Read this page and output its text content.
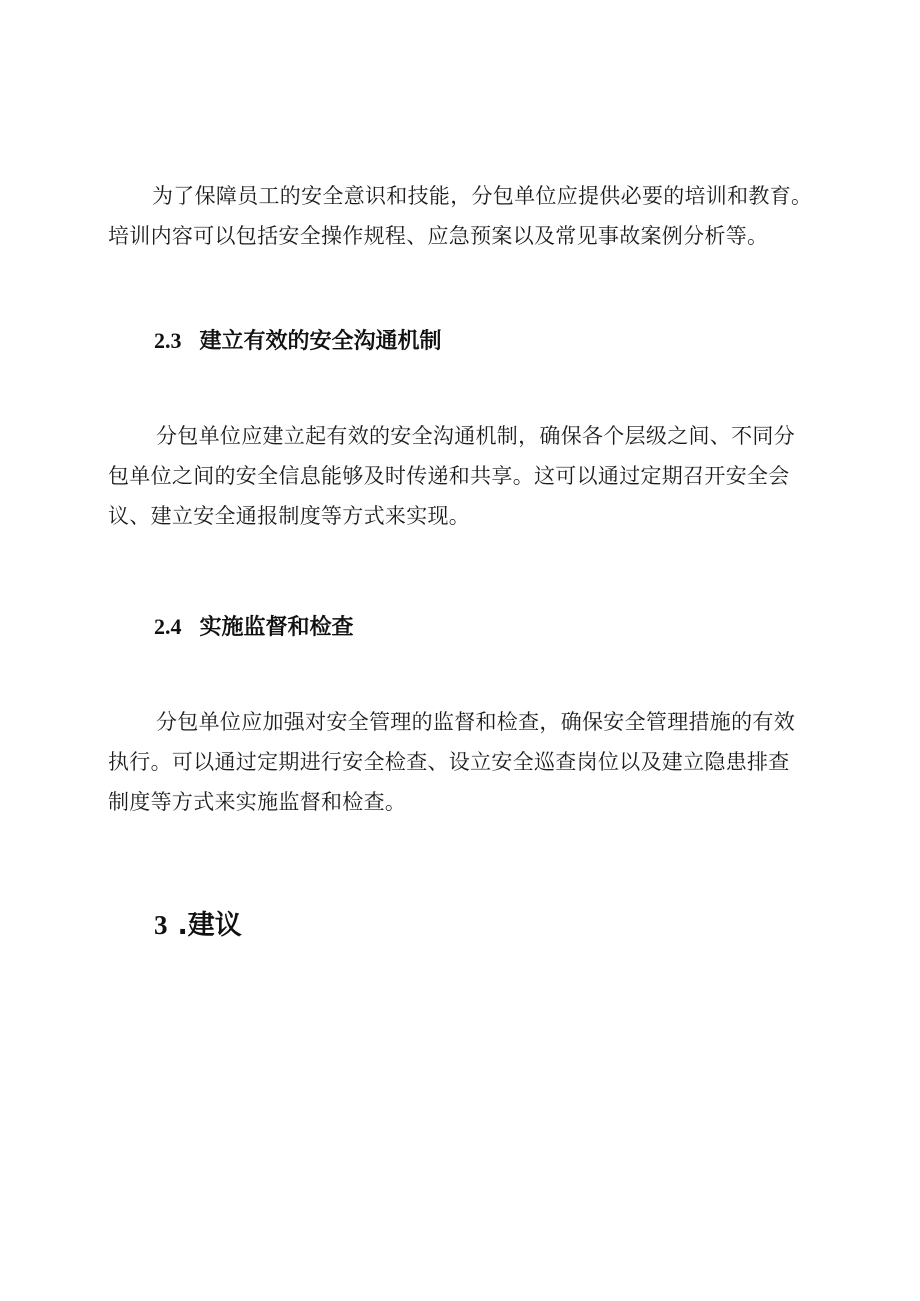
为了保障员工的安全意识和技能，分包单位应提供必要的培训和教育。
培训内容可以包括安全操作规程、应急预案以及常见事故案例分析等。

2.3 建立有效的安全沟通机制

分包单位应建立起有效的安全沟通机制，确保各个层级之间、不同分
包单位之间的安全信息能够及时传递和共享。这可以通过定期召开安全会
议、建立安全通报制度等方式来实现。

2.4 实施监督和检查

分包单位应加强对安全管理的监督和检查，确保安全管理措施的有效
执行。可以通过定期进行安全检查、设立安全巡查岗位以及建立隐患排查
制度等方式来实施监督和检查。

3 .建议
